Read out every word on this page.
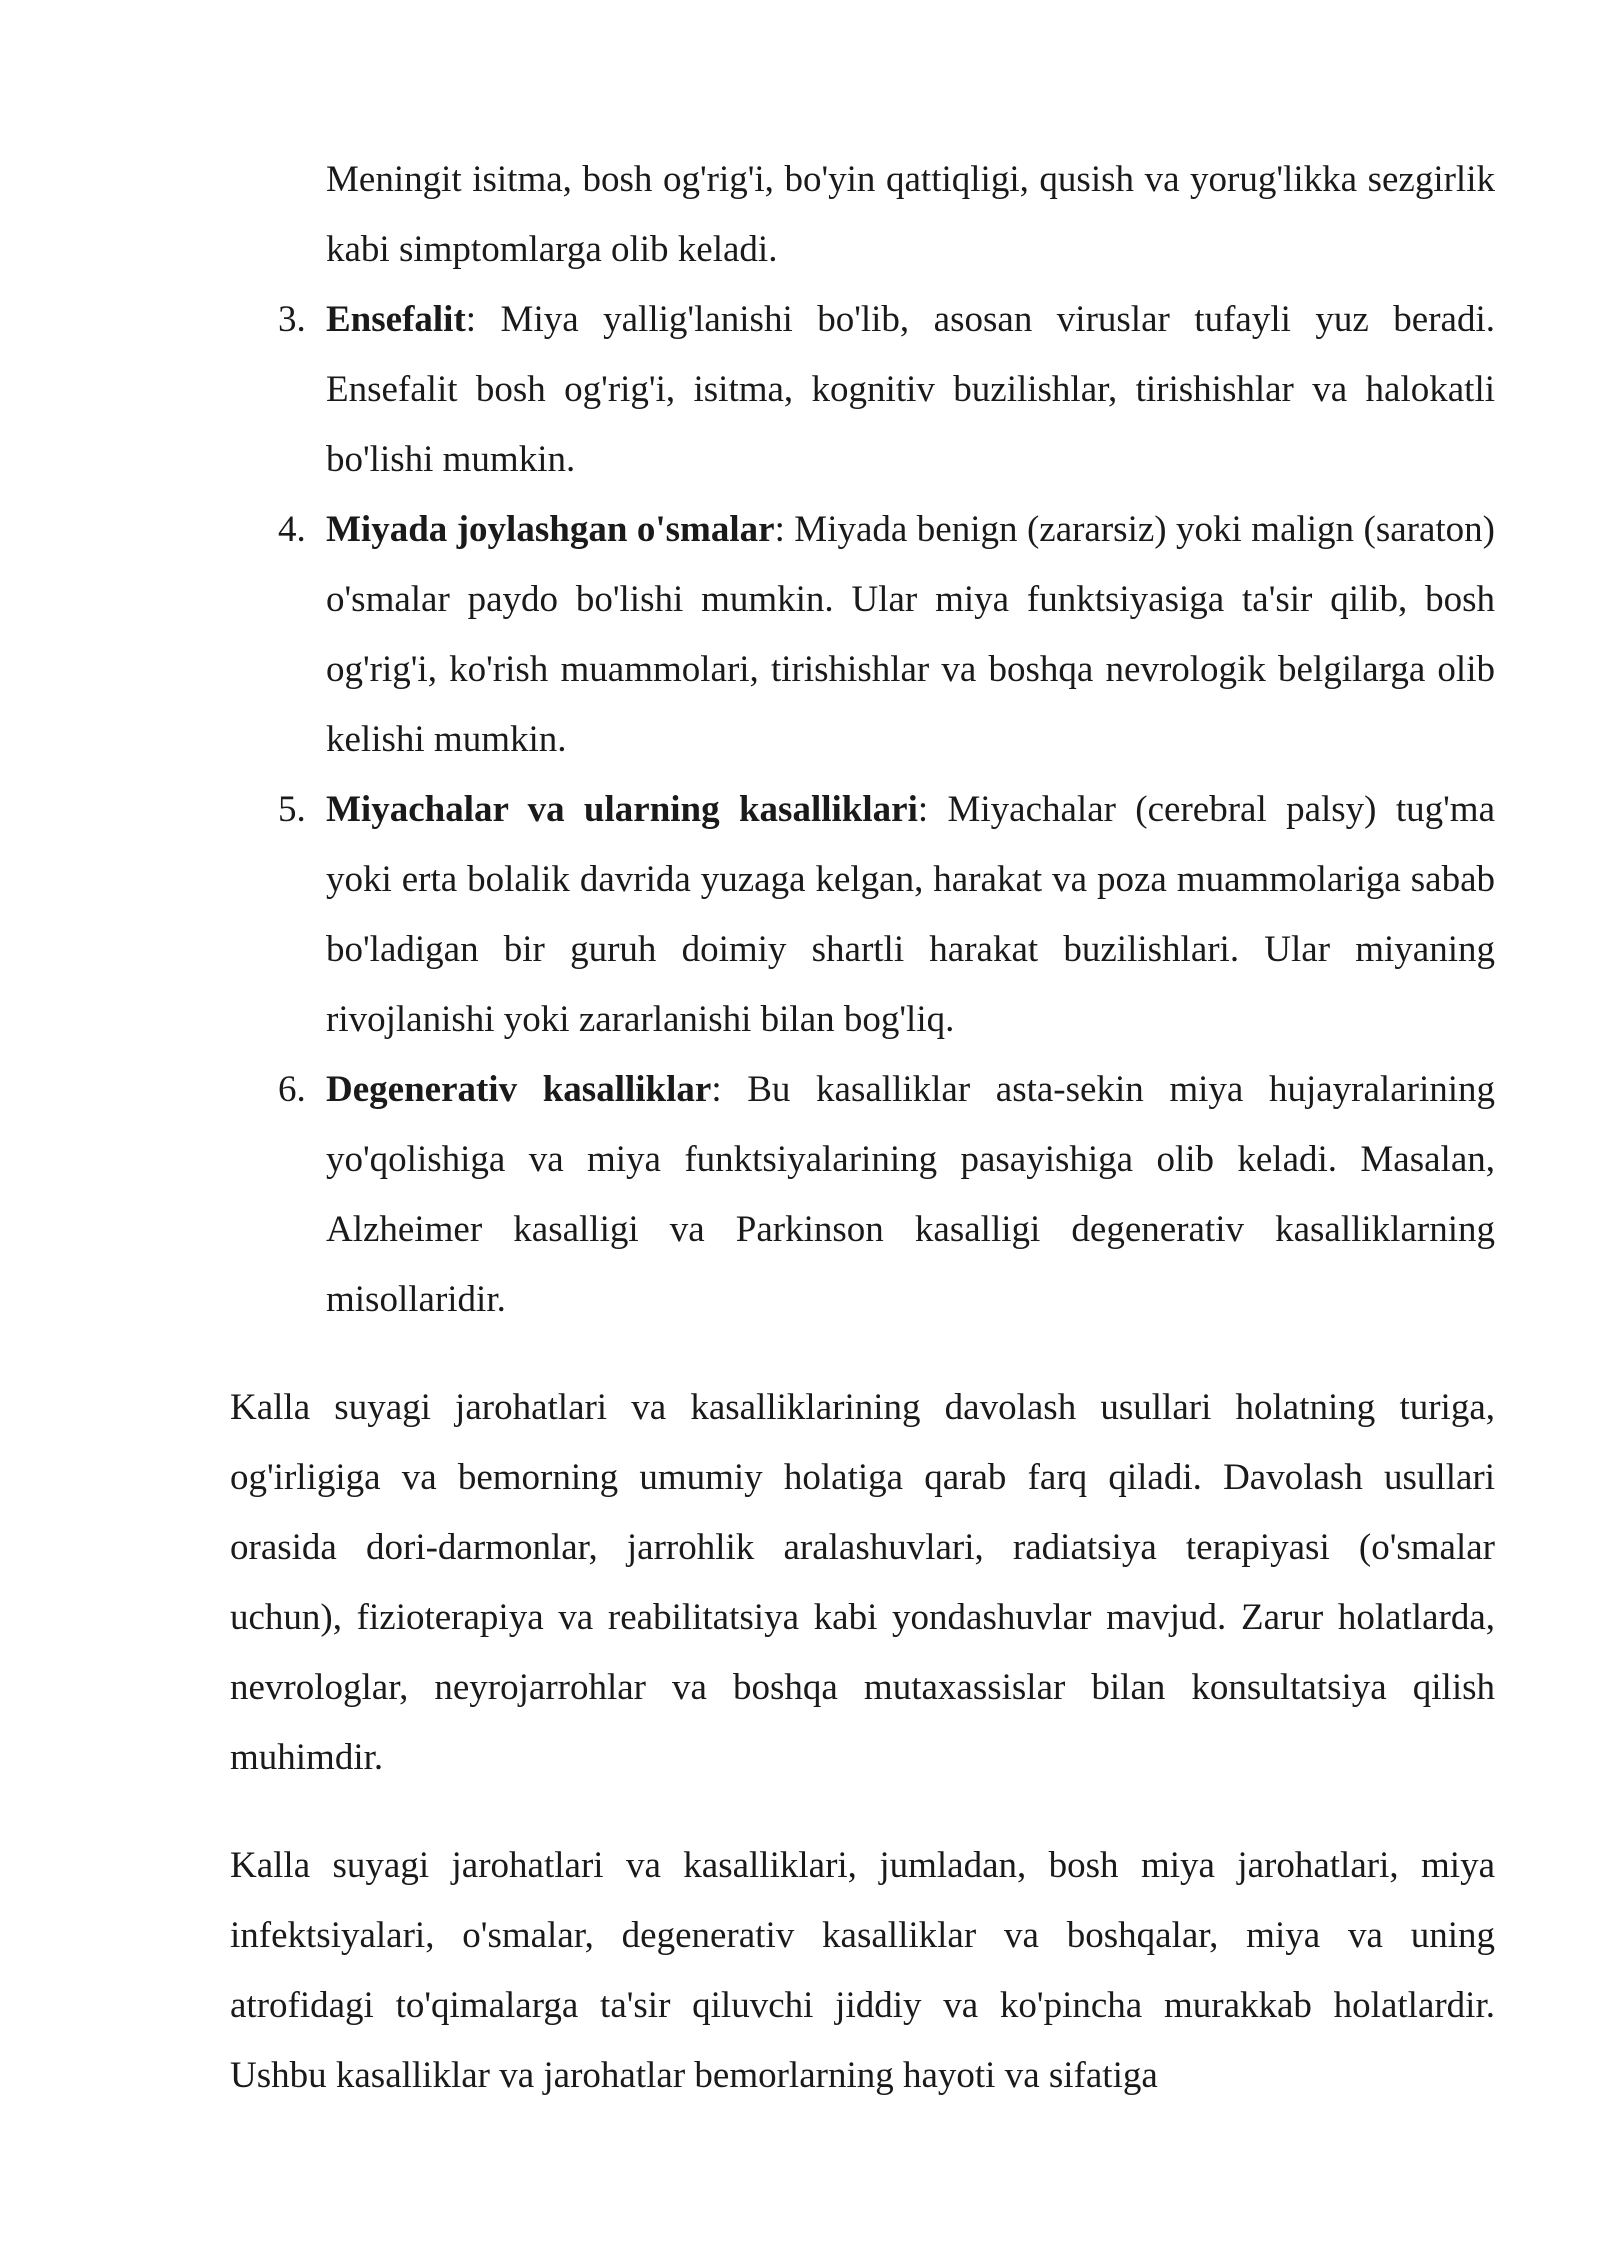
Meningit isitma, bosh og'rig'i, bo'yin qattiqligi, qusish va yorug'likka sezgirlik kabi simptomlarga olib keladi.

3. Ensefalit: Miya yallig'lanishi bo'lib, asosan viruslar tufayli yuz beradi. Ensefalit bosh og'rig'i, isitma, kognitiv buzilishlar, tirishishlar va halokatli bo'lishi mumkin.
4. Miyada joylashgan o'smalar: Miyada benign (zararsiz) yoki malign (saraton) o'smalar paydo bo'lishi mumkin. Ular miya funktsiyasiga ta'sir qilib, bosh og'rig'i, ko'rish muammolari, tirishishlar va boshqa nevrologik belgilarga olib kelishi mumkin.
5. Miyachalar va ularning kasalliklari: Miyachalar (cerebral palsy) tug'ma yoki erta bolalik davrida yuzaga kelgan, harakat va poza muammolariga sabab bo'ladigan bir guruh doimiy shartli harakat buzilishlari. Ular miyaning rivojlanishi yoki zararlanishi bilan bog'liq.
6. Degenerativ kasalliklar: Bu kasalliklar asta-sekin miya hujayralarining yo'qolishiga va miya funktsiyalarining pasayishiga olib keladi. Masalan, Alzheimer kasalligi va Parkinson kasalligi degenerativ kasalliklarning misollaridir.

Kalla suyagi jarohatlari va kasalliklarining davolash usullari holatning turiga, og'irligiga va bemorning umumiy holatiga qarab farq qiladi. Davolash usullari orasida dori-darmonlar, jarrohlik aralashuvlari, radiatsiya terapiyasi (o'smalar uchun), fizioterapiya va reabilitatsiya kabi yondashuvlar mavjud. Zarur holatlarda, nevrologlar, neyrojarrohlar va boshqa mutaxassislar bilan konsultatsiya qilish muhimdir.

Kalla suyagi jarohatlari va kasalliklari, jumladan, bosh miya jarohatlari, miya infektsiyalari, o'smalar, degenerativ kasalliklar va boshqalar, miya va uning atrofidagi to'qimalarga ta'sir qiluvchi jiddiy va ko'pincha murakkab holatlardir. Ushbu kasalliklar va jarohatlar bemorlarning hayoti va sifatiga
